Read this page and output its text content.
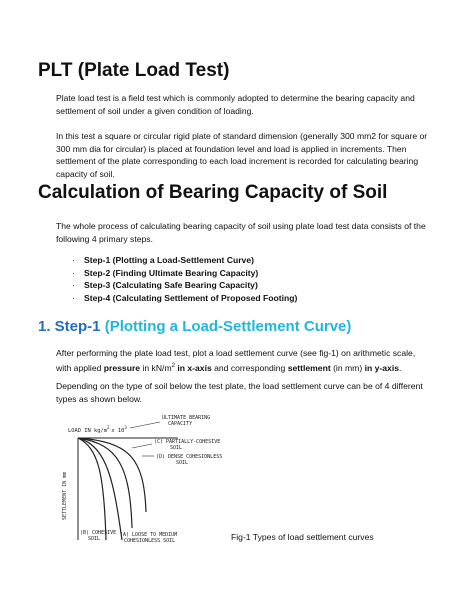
PLT (Plate Load Test)

Plate load test is a field test which is commonly adopted to determine the bearing capacity and settlement of soil under a given condition of loading.

In this test a square or circular rigid plate of standard dimension (generally 300 mm2 for square or 300 mm dia for circular) is placed at foundation level and load is applied in increments. Then settlement of the plate corresponding to each load increment is recorded for calculating bearing capacity of soil.

Calculation of Bearing Capacity of Soil

The whole process of calculating bearing capacity of soil using plate load test data consists of the following 4 primary steps.

· Step-1 (Plotting a Load-Settlement Curve)
· Step-2 (Finding Ultimate Bearing Capacity)
· Step-3 (Calculating Safe Bearing Capacity)
· Step-4 (Calculating Settlement of Proposed Footing)
1. Step-1 (Plotting a Load-Settlement Curve)

After performing the plate load test, plot a load settlement curve (see fig-1) on arithmetic scale, with applied pressure in $kN/m^2$ in x-axis and corresponding settlement (in mm) in y-axis.

Depending on the type of soil below the test plate, the load settlement curve can be of 4 different types as shown below.

LOAD IN $kg/m^2x$ $10^3$
SETTLEMENT IN mm
ULTIMATE BEARING CAPACITY
(C) PARTIALLY-COHESIVE SOIL
(D) DENSE COHESIONLESS SOIL
(A) LOOSE TO MEDIUM COHESIONLESS SOIL
(B) COHESIVE SOIL	Fig-1 Types of load settlement curves
